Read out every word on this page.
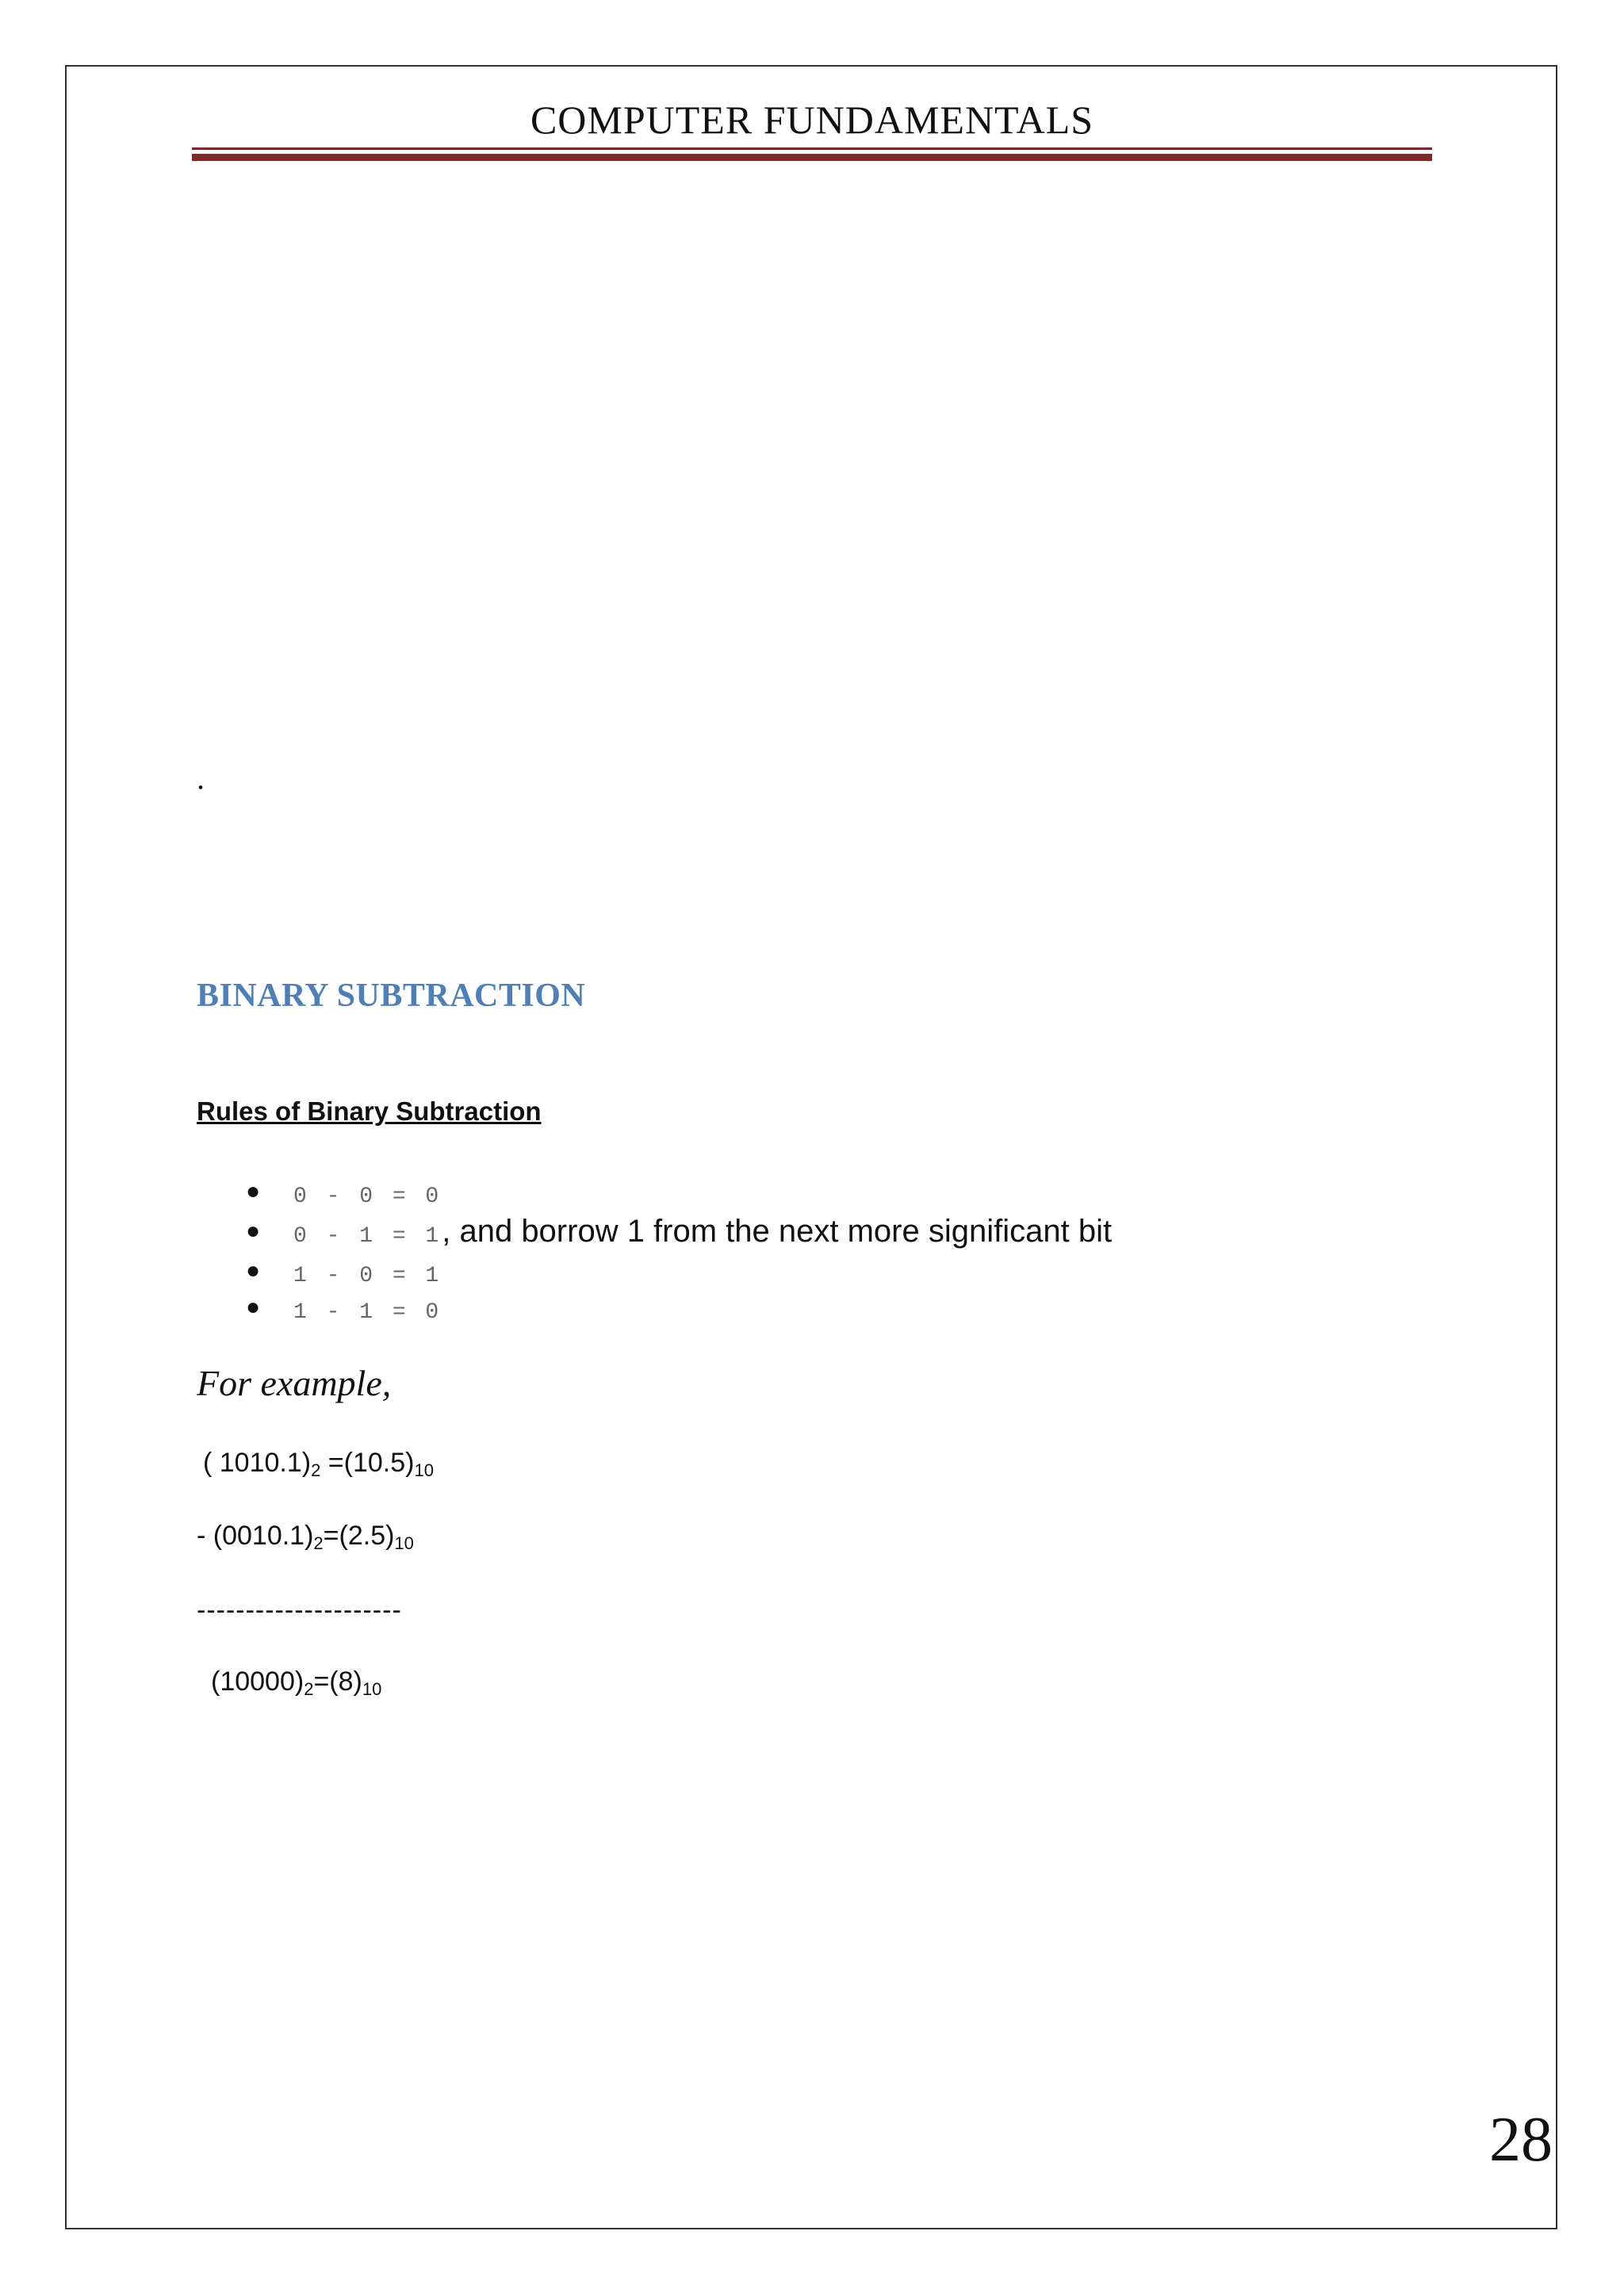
COMPUTER FUNDAMENTALS
.
BINARY SUBTRACTION
Rules of Binary Subtraction
● 0 - 0 = 0
● 0 - 1 = 1, and borrow 1 from the next more significant bit
● 1 - 0 = 1
● 1 - 1 = 0
For example,
( $1010.1)_2 =(10.5)_{10}$
- $(0010.1)_2=(2.5)_{10}$
---------------------
$(10000)_2=(8)_{10}$
28
